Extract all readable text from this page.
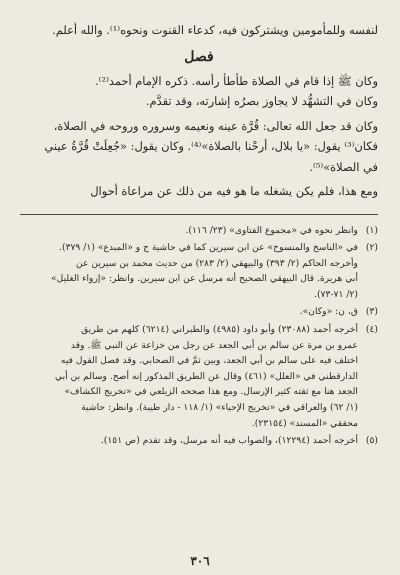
لنفسه وللمأمومين ويشتركون فيه، كدعاء القنوت ونحوه⁽¹⁾. والله أعلم.

فصل

وكان ﷺ إذا قام في الصلاة طأطأ رأسه. ذكره الإمام أحمد⁽²⁾.

وكان في التشهُّد لا يجاوز بصرُه إشارته، وقد تقدَّم.

وكان قد جعل الله تعالى: قُرَّة عينه ونعيمه وسروره وروحه في الصلاة،

فكان⁽³⁾ يقول: «يا بلال، أرحْنا بالصلاة»⁽⁴⁾. وكان يقول: «جُعِلَتْ قُرَّةُ عيني

في الصلاة»⁽⁵⁾.

ومع هذا، فلم يكن يشغله ما هو فيه من ذلك عن مراعاة أحوال

(١)
وانظر نحوه في «مجموع الفتاوى» (٢٣/ ١١٦).
(٢)
في «الناسخ والمنسوخ» عن ابن سيرين كما في حاشية ج و «المبدع» (١/ ٣٧٩).
وأخرجه الحاكم (٢/ ٣٩٣) والبيهقي (٢/ ٢٨٣) من حديث محمد بن سيرين عن
أبي هريرة. قال البيهقي الصحيح أنه مرسل عن ابن سيرين. وانظر: «إرواء الغليل»
(٢/ ٧١-٧٣).
(٣)
ق، ن: «وكان».
(٤)
أخرجه أحمد (٢٣٠٨٨) وأبو داود (٤٩٨٥) والطبراني (٦٢١٤) كلهم من طريق
عمرو بن مرة عن سالم بن أبي الجعد عن رجل من خزاعة عن النبي ﷺ. وقد
اختلف فيه على سالم بن أبي الجعد، وبين ثمَّ في الصحابي. وقد فصل القول فيه
الدارقطني في «العلل» (٤٦١) وقال عن الطريق المذكور إنه أصح. وسالم بن أبي
الجعد هنا مع ثقته كثير الإرسال. ومع هذا صححه الزيلعي في «تخريج الكشاف»
(١/ ٦٢) والعراقي في «تخريج الإحياء» (١/ ١١٨ - دار طيبة). وانظر: حاشية
محققي «المسند» (٢٣١٥٤).
(٥)
أخرجه أحمد (١٢٢٩٤)، والصواب فيه أنه مرسل، وقد تقدم (ص ١٥١).
٣٠٦
